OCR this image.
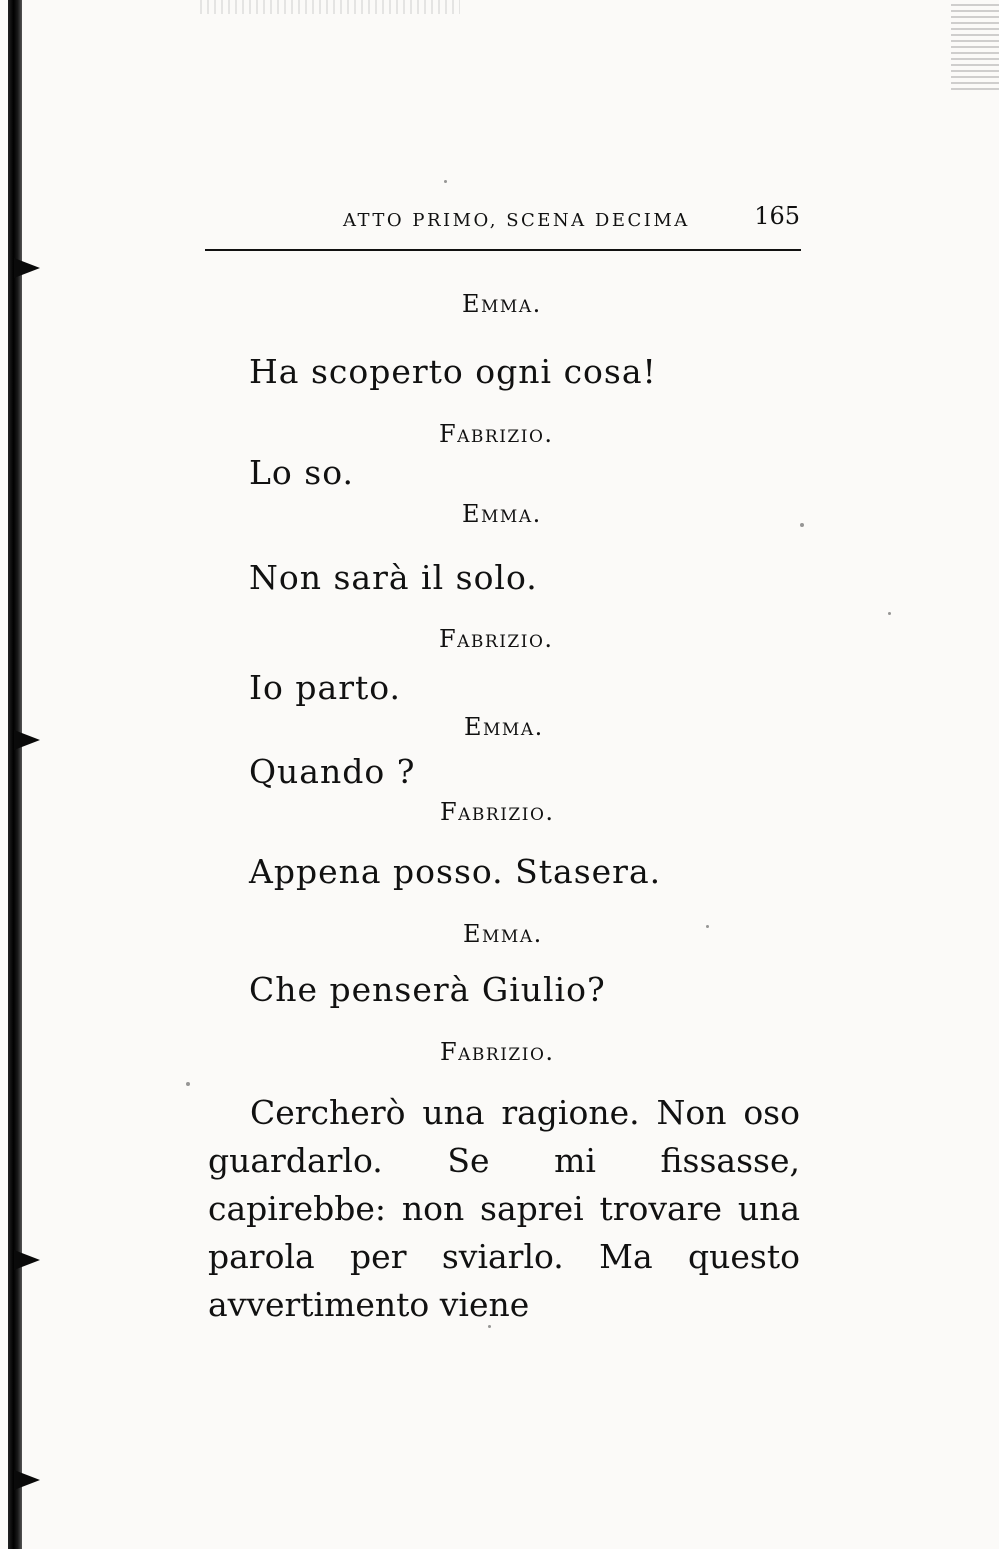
ATTO PRIMO, SCENA DECIMA	165
Emma.
Ha scoperto ogni cosa!
Fabrizio.
Lo so.
Emma.
Non sarà il solo.
Fabrizio.
Io parto.
Emma.
Quando ?
Fabrizio.
Appena posso. Stasera.
Emma.
Che penserà Giulio?
Fabrizio.

Cercherò una ragione. Non oso guardarlo. Se mi fissasse, capirebbe: non saprei trovare una parola per sviarlo. Ma questo avvertimento viene
